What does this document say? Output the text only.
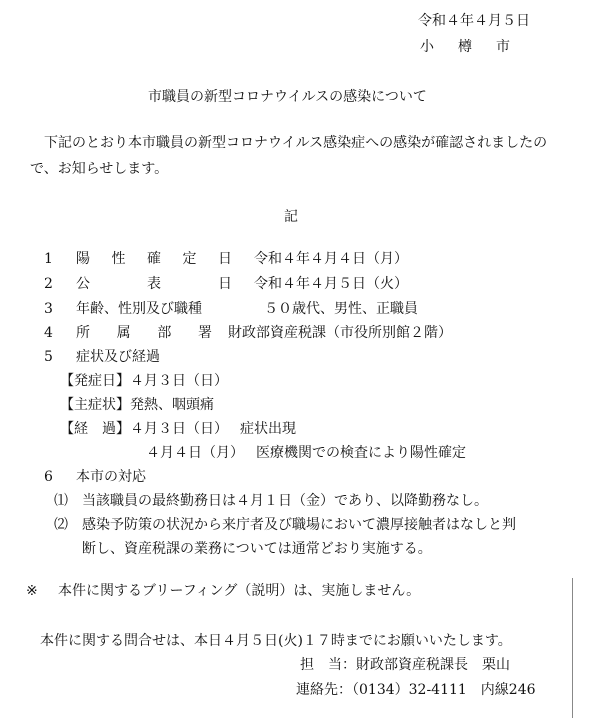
令和４年４月５日
小樽市
市職員の新型コロナウイルスの感染について
下記のとおり本市職員の新型コロナウイルス感染症への感染が確認されましたので、お知らせします。
記
1 陽性確定日 令和４年４月４日（月）
2 公表日 令和４年４月５日（火）
3 年齢、性別及び職種	５０歳代、男性、正職員
4 所属部署 財政部資産税課（市役所別館２階）
5 症状及び経過
【発症日】４月３日（日）
【主症状】発熱、咽頭痛
【経　過】４月３日（日） 症状出現
４月４日（月） 医療機関での検査により陽性確定
6 本市の対応
⑴ 当該職員の最終勤務日は４月１日（金）であり、以降勤務なし。
⑵ 感染予防策の状況から来庁者及び職場において濃厚接触者はなしと判
断し、資産税課の業務については通常どおり実施する。
※ 本件に関するブリーフィング（説明）は、実施しません。
本件に関する問合せは、本日４月５日(火)１７時までにお願いいたします。
担　当：財政部資産税課長　栗山
連絡先：（0134）32-4111　内線246
